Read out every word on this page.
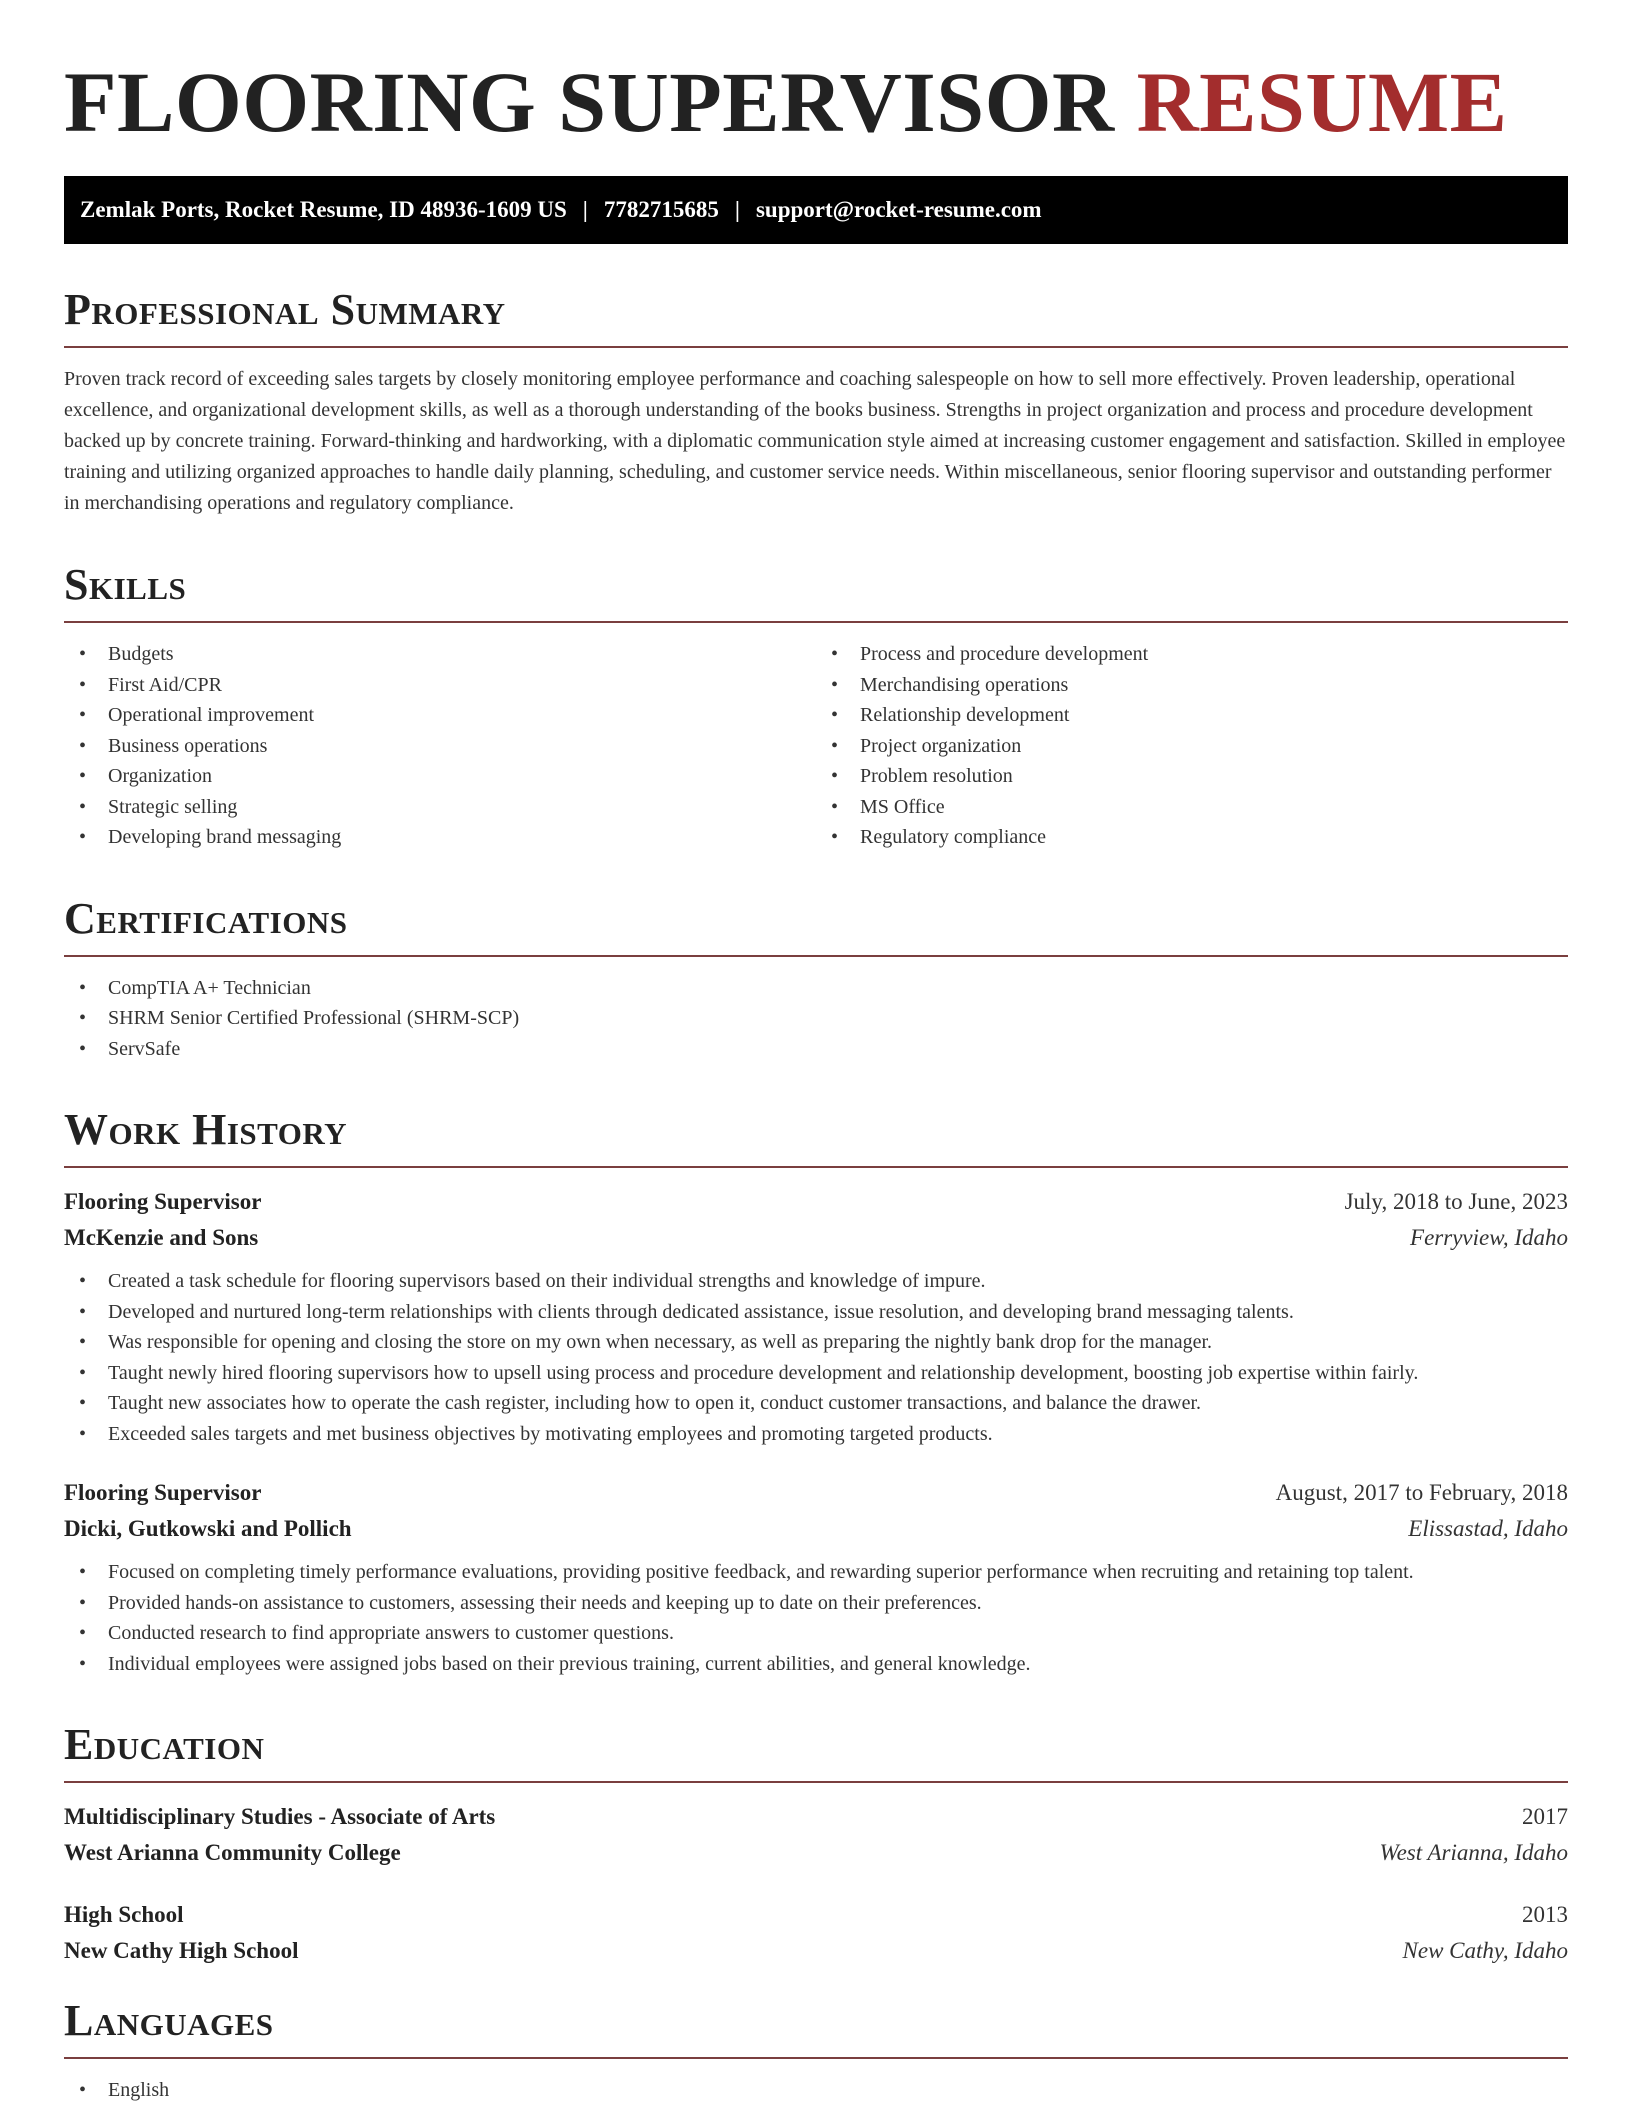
FLOORING SUPERVISOR RESUME
Zemlak Ports, Rocket Resume, ID 48936-1609 US | 7782715685 | support@rocket-resume.com
Professional Summary

Proven track record of exceeding sales targets by closely monitoring employee performance and coaching salespeople on how to sell more effectively. Proven leadership, operational excellence, and organizational development skills, as well as a thorough understanding of the books business. Strengths in project organization and process and procedure development backed up by concrete training. Forward-thinking and hardworking, with a diplomatic communication style aimed at increasing customer engagement and satisfaction. Skilled in employee training and utilizing organized approaches to handle daily planning, scheduling, and customer service needs. Within miscellaneous, senior flooring supervisor and outstanding performer in merchandising operations and regulatory compliance.

Skills
• Budgets
• First Aid/CPR
• Operational improvement
• Business operations
• Organization
• Strategic selling
• Developing brand messaging
• Process and procedure development
• Merchandising operations
• Relationship development
• Project organization
• Problem resolution
• MS Office
• Regulatory compliance
Certifications
• CompTIA A+ Technician
• SHRM Senior Certified Professional (SHRM-SCP)
• ServSafe
Work History
Flooring Supervisor	July, 2018 to June, 2023
McKenzie and Sons	Ferryview, Idaho
• Created a task schedule for flooring supervisors based on their individual strengths and knowledge of impure.
• Developed and nurtured long-term relationships with clients through dedicated assistance, issue resolution, and developing brand messaging talents.
• Was responsible for opening and closing the store on my own when necessary, as well as preparing the nightly bank drop for the manager.
• Taught newly hired flooring supervisors how to upsell using process and procedure development and relationship development, boosting job expertise within fairly.
• Taught new associates how to operate the cash register, including how to open it, conduct customer transactions, and balance the drawer.
• Exceeded sales targets and met business objectives by motivating employees and promoting targeted products.
Flooring Supervisor	August, 2017 to February, 2018
Dicki, Gutkowski and Pollich	Elissastad, Idaho
• Focused on completing timely performance evaluations, providing positive feedback, and rewarding superior performance when recruiting and retaining top talent.
• Provided hands-on assistance to customers, assessing their needs and keeping up to date on their preferences.
• Conducted research to find appropriate answers to customer questions.
• Individual employees were assigned jobs based on their previous training, current abilities, and general knowledge.
Education
Multidisciplinary Studies - Associate of Arts	2017
West Arianna Community College	West Arianna, Idaho
High School	2013
New Cathy High School	New Cathy, Idaho
Languages
• English
